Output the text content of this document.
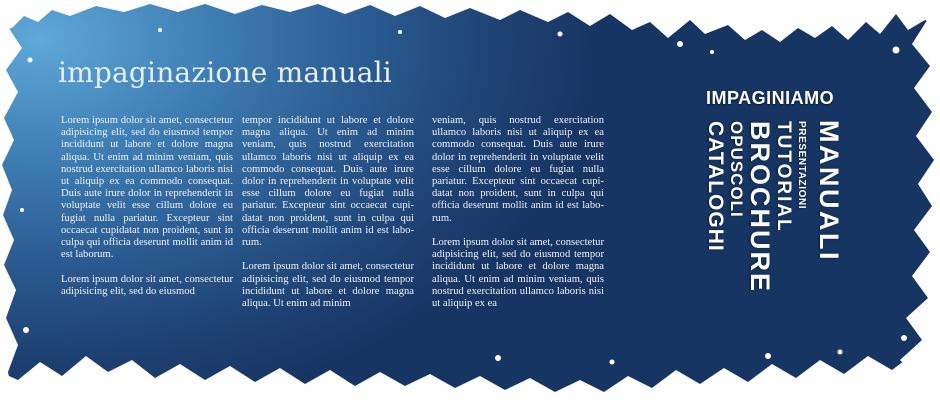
impaginazione manuali

Lorem ipsum dolor sit amet, consectetur adipisicing elit, sed do eiusmod tempor incididunt ut labore et dolore magna aliqua. Ut enim ad minim veniam, quis nostrud exercitation ullamco laboris nisi ut aliquip ex ea commodo consequat. Duis aute irure dolor in reprehenderit in voluptate velit esse cillum dolore eu fugiat nulla pariatur. Excepteur sint occaecat cupidatat non proident, sunt in culpa qui officia deserunt mollit anim id est laborum.

Lorem ipsum dolor sit amet, consectetur adipisicing elit, sed do eiusmod

tempor incididunt ut labore et dolore magna aliqua. Ut enim ad minim veniam, quis nostrud exercitation ullamco laboris nisi ut aliquip ex ea commodo consequat. Duis aute irure dolor in reprehenderit in voluptate velit esse cillum dolore eu fugiat nulla pariatur. Excepteur sint occaecat cupidatat non proident, sunt in culpa qui officia deserunt mollit anim id est laborum.

Lorem ipsum dolor sit amet, consectetur adipisicing elit, sed do eiusmod tempor incididunt ut labore et dolore magna aliqua. Ut enim ad minim

veniam, quis nostrud exercitation ullamco laboris nisi ut aliquip ex ea commodo consequat. Duis aute irure dolor in reprehenderit in voluptate velit esse cillum dolore eu fugiat nulla pariatur. Excepteur sint occaecat cupidatat non proident, sunt in culpa qui officia deserunt mollit anim id est laborum.

Lorem ipsum dolor sit amet, consectetur adipisicing elit, sed do eiusmod tempor incididunt ut labore et dolore magna aliqua. Ut enim ad minim veniam, quis nostrud exercitation ullamco laboris nisi ut aliquip ex ea

IMPAGINIAMO
MANUALI
PRESENTAZIONI
TUTORIAL
BROCHURE
OPUSCOLI
CATALOGHI
